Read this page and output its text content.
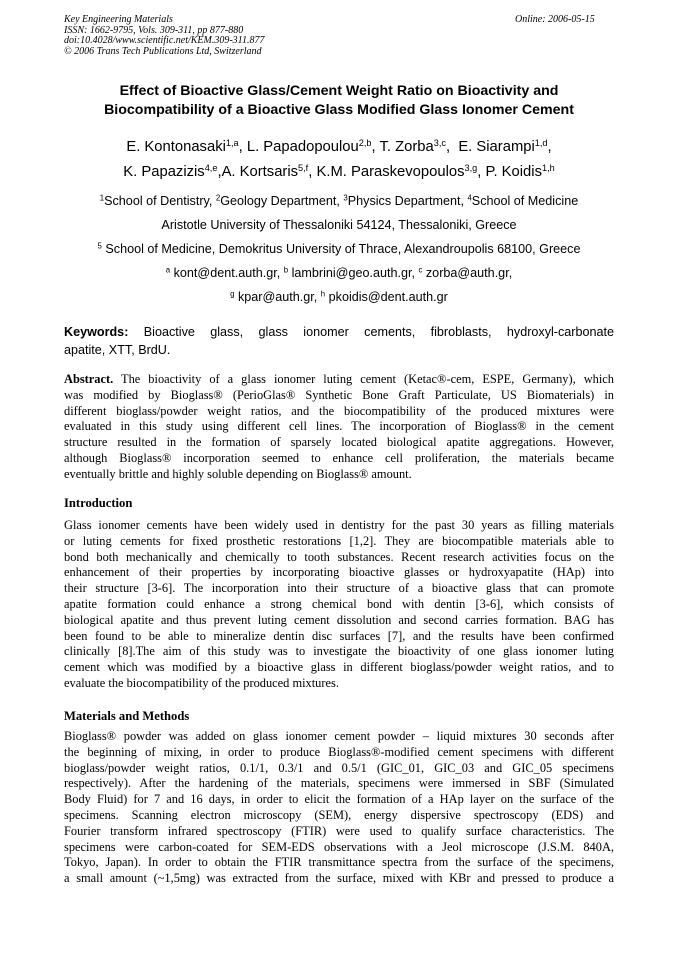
Key Engineering Materials
ISSN: 1662-9795, Vols. 309-311, pp 877-880
doi:10.4028/www.scientific.net/KEM.309-311.877
© 2006 Trans Tech Publications Ltd, Switzerland
Online: 2006-05-15
Effect of Bioactive Glass/Cement Weight Ratio on Bioactivity and
Biocompatibility of a Bioactive Glass Modified Glass Ionomer Cement
E. Kontonasaki$^{1,a}$, L. Papadopoulou$^{2,b}$, T. Zorba$^{3,c}$,  E. Siarampi$^{1,d}$,
K. Papazizis$^{4,e}$,A. Kortsaris$^{5,f}$, K.M. Paraskevopoulos$^{3,g}$, P. Koidis$^{1,h}$
$^1$School of Dentistry, $^2$Geology Department, $^3$Physics Department, $^4$School of Medicine
Aristotle University of Thessaloniki 54124, Thessaloniki, Greece
$^5$ School of Medicine, Demokritus University of Thrace, Alexandroupolis 68100, Greece
$^a$ kont@dent.auth.gr, $^b$ lambrini@geo.auth.gr, $^c$ zorba@auth.gr,
$^g$ kpar@auth.gr, $^h$ pkoidis@dent.auth.gr
Keywords: Bioactive glass, glass ionomer cements, fibroblasts, hydroxyl-carbonate
apatite, XTT, BrdU.
Abstract. The bioactivity of a glass ionomer luting cement (Ketac®-cem, ESPE, Germany), which
was modified by Bioglass® (PerioGlas® Synthetic Bone Graft Particulate, US Biomaterials) in
different bioglass/powder weight ratios, and the biocompatibility of the produced mixtures were
evaluated in this study using different cell lines. The incorporation of Bioglass® in the cement
structure resulted in the formation of sparsely located biological apatite aggregations. However,
although Bioglass® incorporation seemed to enhance cell proliferation, the materials became
eventually brittle and highly soluble depending on Bioglass® amount.
Introduction
Glass ionomer cements have been widely used in dentistry for the past 30 years as filling materials
or luting cements for fixed prosthetic restorations [1,2]. They are biocompatible materials able to
bond both mechanically and chemically to tooth substances. Recent research activities focus on the
enhancement of their properties by incorporating bioactive glasses or hydroxyapatite (HAp) into
their structure [3-6]. The incorporation into their structure of a bioactive glass that can promote
apatite formation could enhance a strong chemical bond with dentin [3-6], which consists of
biological apatite and thus prevent luting cement dissolution and second carries formation. BAG has
been found to be able to mineralize dentin disc surfaces [7], and the results have been confirmed
clinically [8].The aim of this study was to investigate the bioactivity of one glass ionomer luting
cement which was modified by a bioactive glass in different bioglass/powder weight ratios, and to
evaluate the biocompatibility of the produced mixtures.
Materials and Methods
Bioglass® powder was added on glass ionomer cement powder – liquid mixtures 30 seconds after
the beginning of mixing, in order to produce Bioglass®-modified cement specimens with different
bioglass/powder weight ratios, 0.1/1, 0.3/1 and 0.5/1 (GIC_01, GIC_03 and GIC_05 specimens
respectively). After the hardening of the materials, specimens were immersed in SBF (Simulated
Body Fluid) for 7 and 16 days, in order to elicit the formation of a HAp layer on the surface of the
specimens. Scanning electron microscopy (SEM), energy dispersive spectroscopy (EDS) and
Fourier transform infrared spectroscopy (FTIR) were used to qualify surface characteristics. The
specimens were carbon-coated for SEM-EDS observations with a Jeol microscope (J.S.M. 840A,
Tokyo, Japan). In order to obtain the FTIR transmittance spectra from the surface of the specimens,
a small amount (~1,5mg) was extracted from the surface, mixed with KBr and pressed to produce a
